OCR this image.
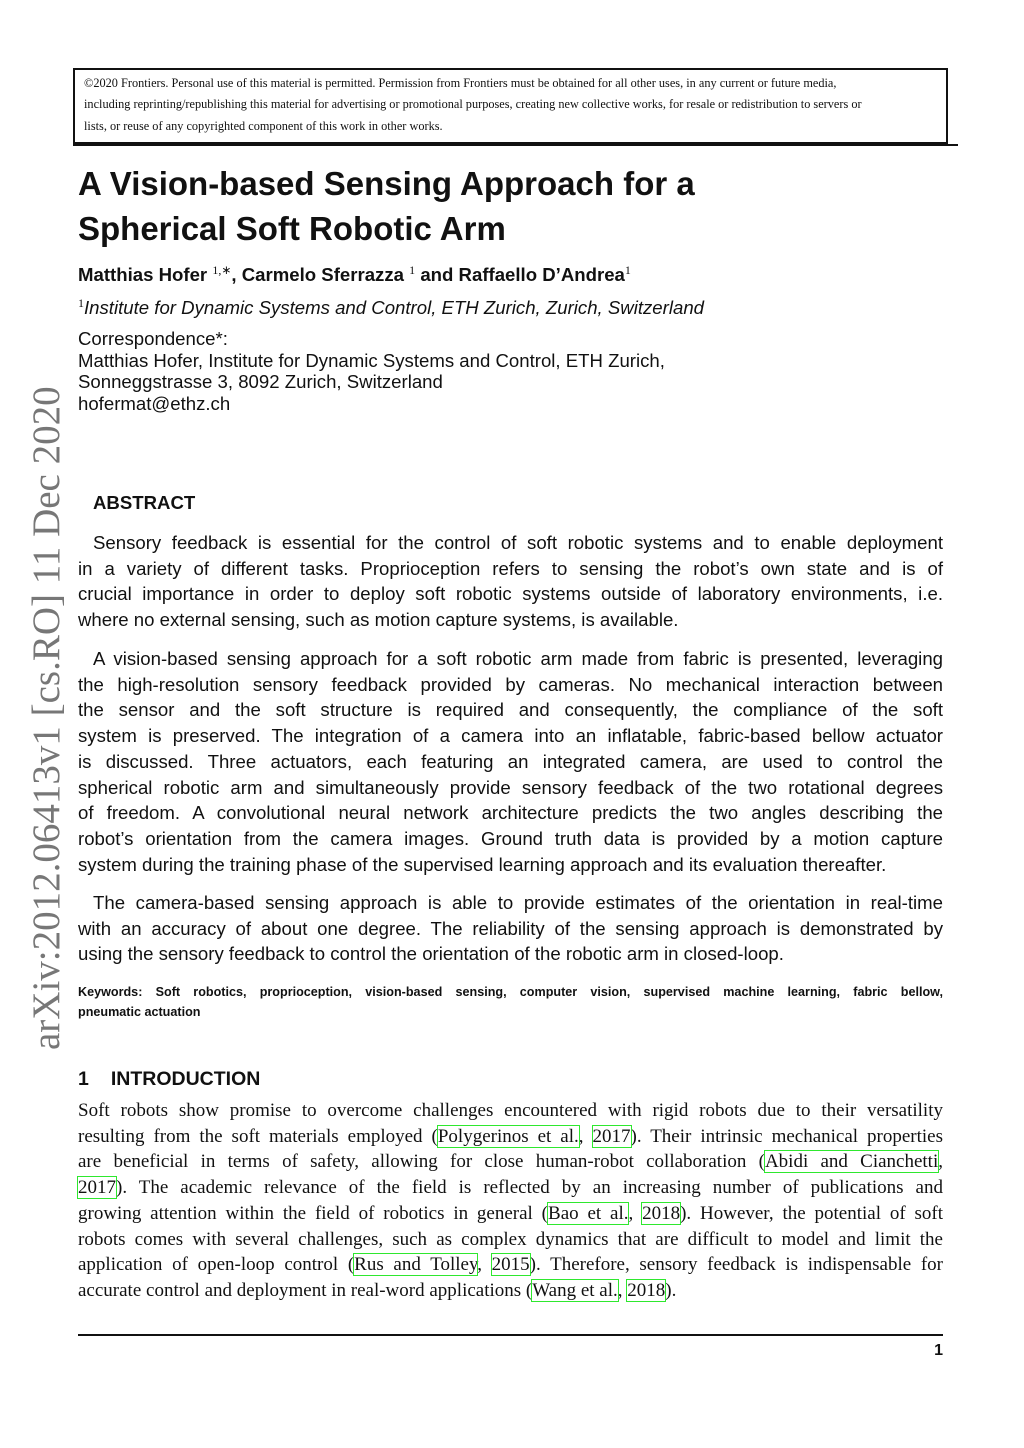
©2020 Frontiers. Personal use of this material is permitted. Permission from Frontiers must be obtained for all other uses, in any current or future media,
including reprinting/republishing this material for advertising or promotional purposes, creating new collective works, for resale or redistribution to servers or
lists, or reuse of any copyrighted component of this work in other works.
arXiv:2012.06413v1 [cs.RO] 11 Dec 2020
A Vision-based Sensing Approach for a
Spherical Soft Robotic Arm
Matthias Hofer $^{1,∗}$, Carmelo Sferrazza $^1$ and Raffaello D’Andrea$^1$
$^1$Institute for Dynamic Systems and Control, ETH Zurich, Zurich, Switzerland
Correspondence*:
Matthias Hofer, Institute for Dynamic Systems and Control, ETH Zurich,
Sonneggstrasse 3, 8092 Zurich, Switzerland
hofermat@ethz.ch
ABSTRACT
Sensory feedback is essential for the control of soft robotic systems and to enable deployment
in a variety of different tasks. Proprioception refers to sensing the robot’s own state and is of
crucial importance in order to deploy soft robotic systems outside of laboratory environments, i.e.
where no external sensing, such as motion capture systems, is available.
A vision-based sensing approach for a soft robotic arm made from fabric is presented, leveraging
the high-resolution sensory feedback provided by cameras. No mechanical interaction between
the sensor and the soft structure is required and consequently, the compliance of the soft
system is preserved. The integration of a camera into an inflatable, fabric-based bellow actuator
is discussed. Three actuators, each featuring an integrated camera, are used to control the
spherical robotic arm and simultaneously provide sensory feedback of the two rotational degrees
of freedom. A convolutional neural network architecture predicts the two angles describing the
robot’s orientation from the camera images. Ground truth data is provided by a motion capture
system during the training phase of the supervised learning approach and its evaluation thereafter.
The camera-based sensing approach is able to provide estimates of the orientation in real-time
with an accuracy of about one degree. The reliability of the sensing approach is demonstrated by
using the sensory feedback to control the orientation of the robotic arm in closed-loop.
Keywords: Soft robotics, proprioception, vision-based sensing, computer vision, supervised machine learning, fabric bellow,
pneumatic actuation
1 INTRODUCTION
Soft robots show promise to overcome challenges encountered with rigid robots due to their versatility
resulting from the soft materials employed (Polygerinos et al., 2017). Their intrinsic mechanical properties
are beneficial in terms of safety, allowing for close human-robot collaboration (Abidi and Cianchetti,
2017). The academic relevance of the field is reflected by an increasing number of publications and
growing attention within the field of robotics in general (Bao et al., 2018). However, the potential of soft
robots comes with several challenges, such as complex dynamics that are difficult to model and limit the
application of open-loop control (Rus and Tolley, 2015). Therefore, sensory feedback is indispensable for
accurate control and deployment in real-word applications (Wang et al., 2018).
1
